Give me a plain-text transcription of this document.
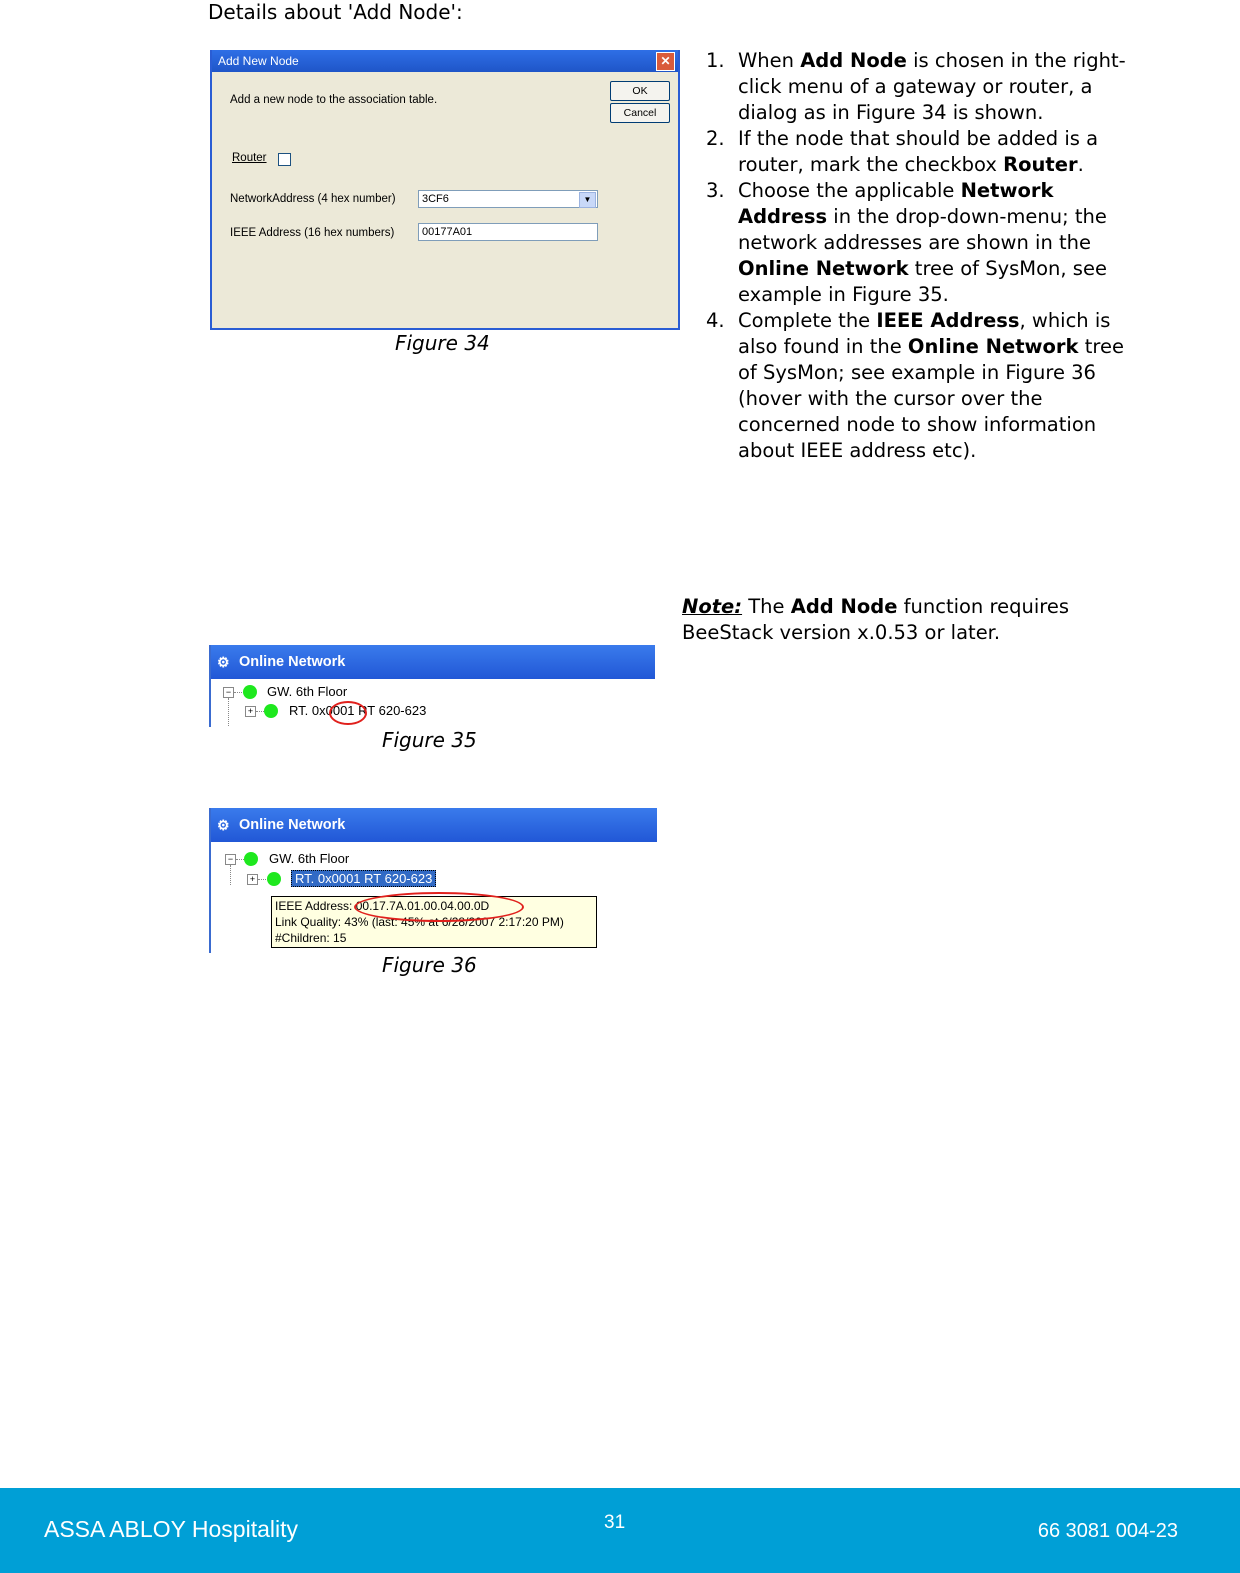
Details about 'Add Node':
Add New Node	✕
Add a new node to the association table.
OK
Cancel
Router
NetworkAddress (4 hex number)	3CF6	▼
IEEE Address (16 hex numbers)	00177A01
Figure 34
1. When Add Node is chosen in the right-click menu of a gateway or router, a dialog as in Figure 34 is shown.
2. If the node that should be added is a router, mark the checkbox Router.
3. Choose the applicable Network Address in the drop-down-menu; the network addresses are shown in the Online Network tree of SysMon, see example in Figure 35.
4. Complete the IEEE Address, which is also found in the Online Network tree of SysMon; see example in Figure 36 (hover with the cursor over the concerned node to show information about IEEE address etc).
Note: The Add Node function requires BeeStack version x.0.53 or later.
⚙ Online Network
−	GW. 6th Floor
+	RT. 0x0001 RT 620-623
Figure 35
⚙ Online Network
−	GW. 6th Floor
+	RT. 0x0001 RT 620-623
IEEE Address: 00.17.7A.01.00.04.00.0D
Link Quality: 43% (last: 45% at 6/28/2007 2:17:20 PM)
#Children: 15
Figure 36
ASSA ABLOY Hospitality	31	66 3081 004-23
